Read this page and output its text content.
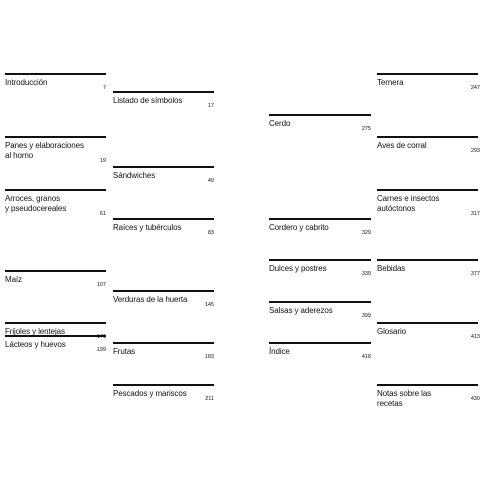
Introducción
7
Panes y elaboraciones
al horno
19
Arroces, granos
y pseudocereales
61
Maíz
107
Frijoles y lentejas
171
Lácteos y huevos
199
Listado de símbolos
17
Sándwiches
49
Raíces y tubérculos
83
Verduras de la huerta
145
Frutas
183
Pescados y mariscos
211
Cerdo
275
Cordero y cabrito
329
Dulces y postres
339
Salsas y aderezos
399
Índice
418
Ternera
247
Aves de corral
293
Carnes e insectos
autóctonos
317
Bebidas
377
Glosario
413
Notas sobre las recetas	430
